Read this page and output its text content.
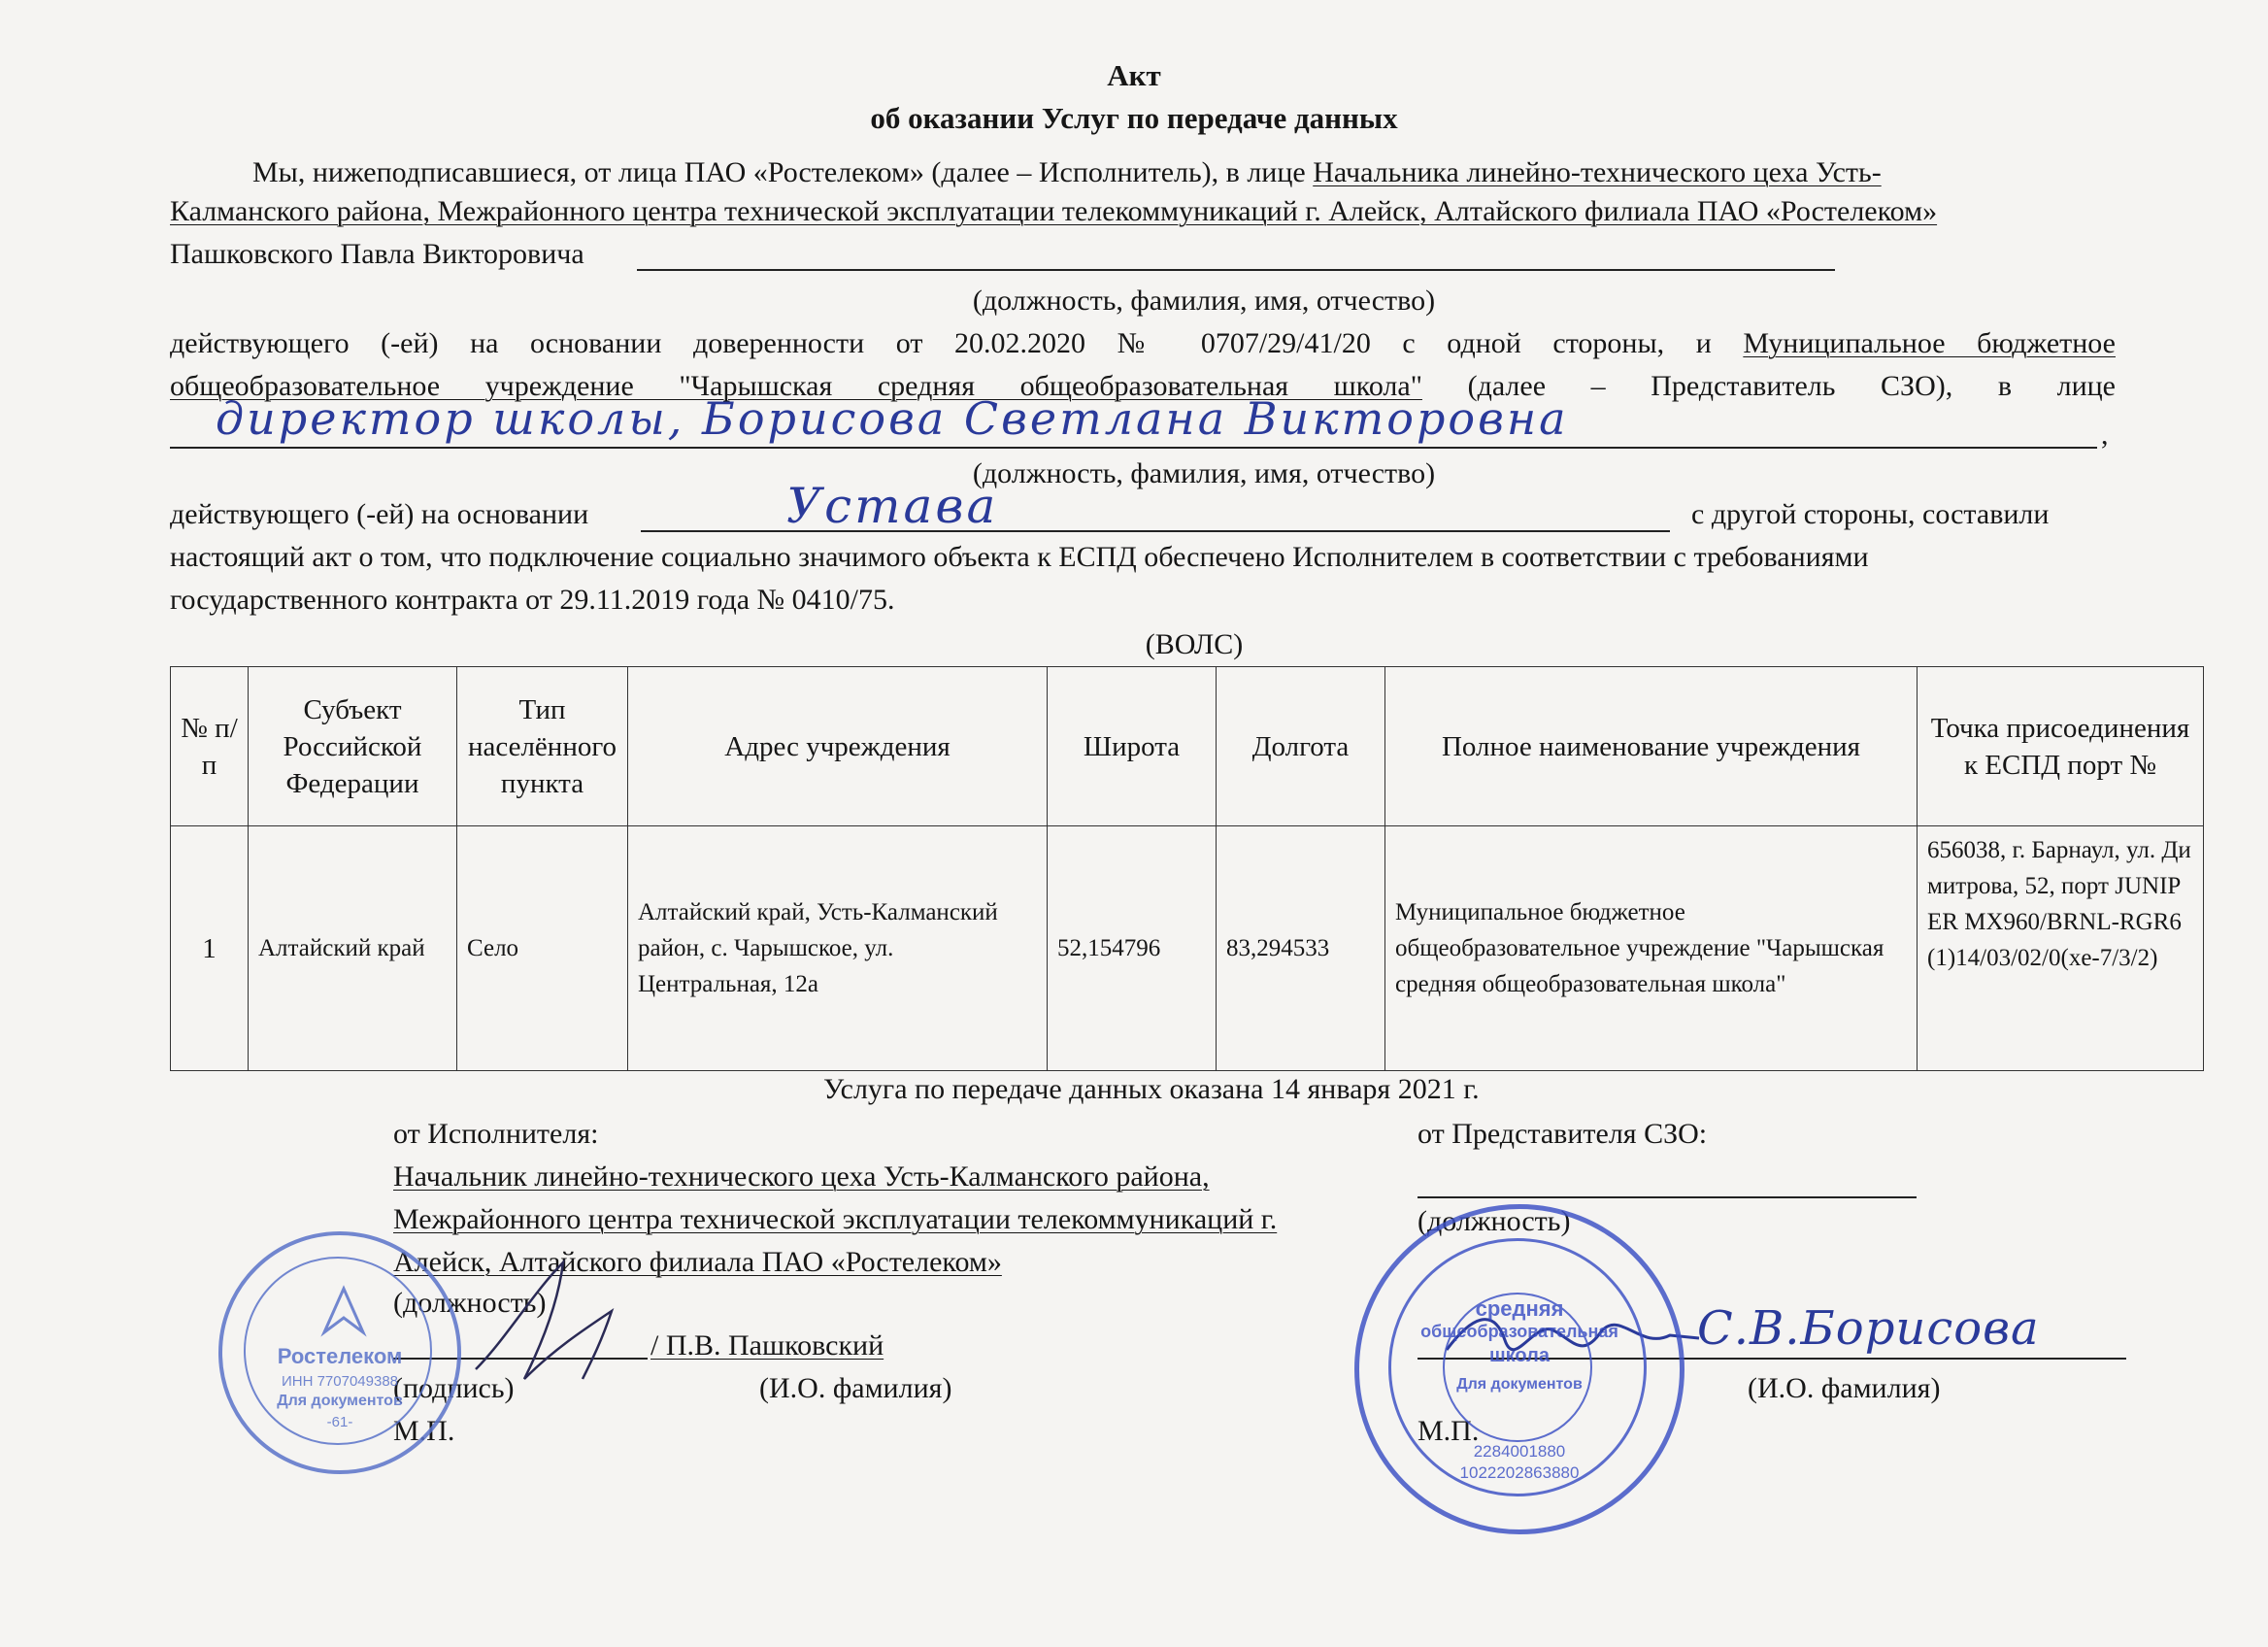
Акт
об оказании Услуг по передаче данных
Мы, нижеподписавшиеся, от лица ПАО «Ростелеком» (далее – Исполнитель), в лице Начальника линейно-технического цеха Усть-
Калманского района, Межрайонного центра технической эксплуатации телекоммуникаций г. Алейск, Алтайского филиала ПАО «Ростелеком»
Пашковского Павла Викторовича
(должность, фамилия, имя, отчество)
действующего (-ей) на основании доверенности от 20.02.2020 № 0707/29/41/20 с одной стороны, и Муниципальное бюджетное
общеобразовательное учреждение "Чарышская средняя общеобразовательная школа" (далее – Представитель СЗО), в лице
,
директор школы, Борисова Светлана Викторовна
(должность, фамилия, имя, отчество)
действующего (-ей) на основании	Устава	с другой стороны, составили
настоящий акт о том, что подключение социально значимого объекта к ЕСПД обеспечено Исполнителем в соответствии с требованиями
государственного контракта от 29.11.2019 года № 0410/75.
(ВОЛС)
№ п/п	Субъект Российской Федерации	Тип населённого пункта	Адрес учреждения	Широта	Долгота	Полное наименование учреждения	Точка присоединения к ЕСПД порт №
1	Алтайский край	Село	Алтайский край, Усть-Калманский район, с. Чарышское, ул. Центральная, 12а	52,154796	83,294533	Муниципальное бюджетное общеобразовательное учреждение "Чарышская средняя общеобразовательная школа"	656038, г. Барнаул, ул. Димитрова, 52, порт JUNIPER MX960/BRNL-RGR6(1)14/03/02/0(xe-7/3/2)
Услуга по передаче данных оказана 14 января 2021 г.
от Исполнителя:
Начальник линейно-технического цеха Усть-Калманского района,
Межрайонного центра технической эксплуатации телекоммуникаций г.
Алейск, Алтайского филиала ПАО «Ростелеком»
(должность)
/ П.В. Пашковский
(подпись)	(И.О. фамилия)
М.П.
от Представителя СЗО:
(должность)
С.В.Борисова
(И.О. фамилия)
М.П.
Ростелеком
ИНН 7707049388
Для документов
-61-
средняя
общеобразовательная
школа
Для документов
2284001880
1022202863880
